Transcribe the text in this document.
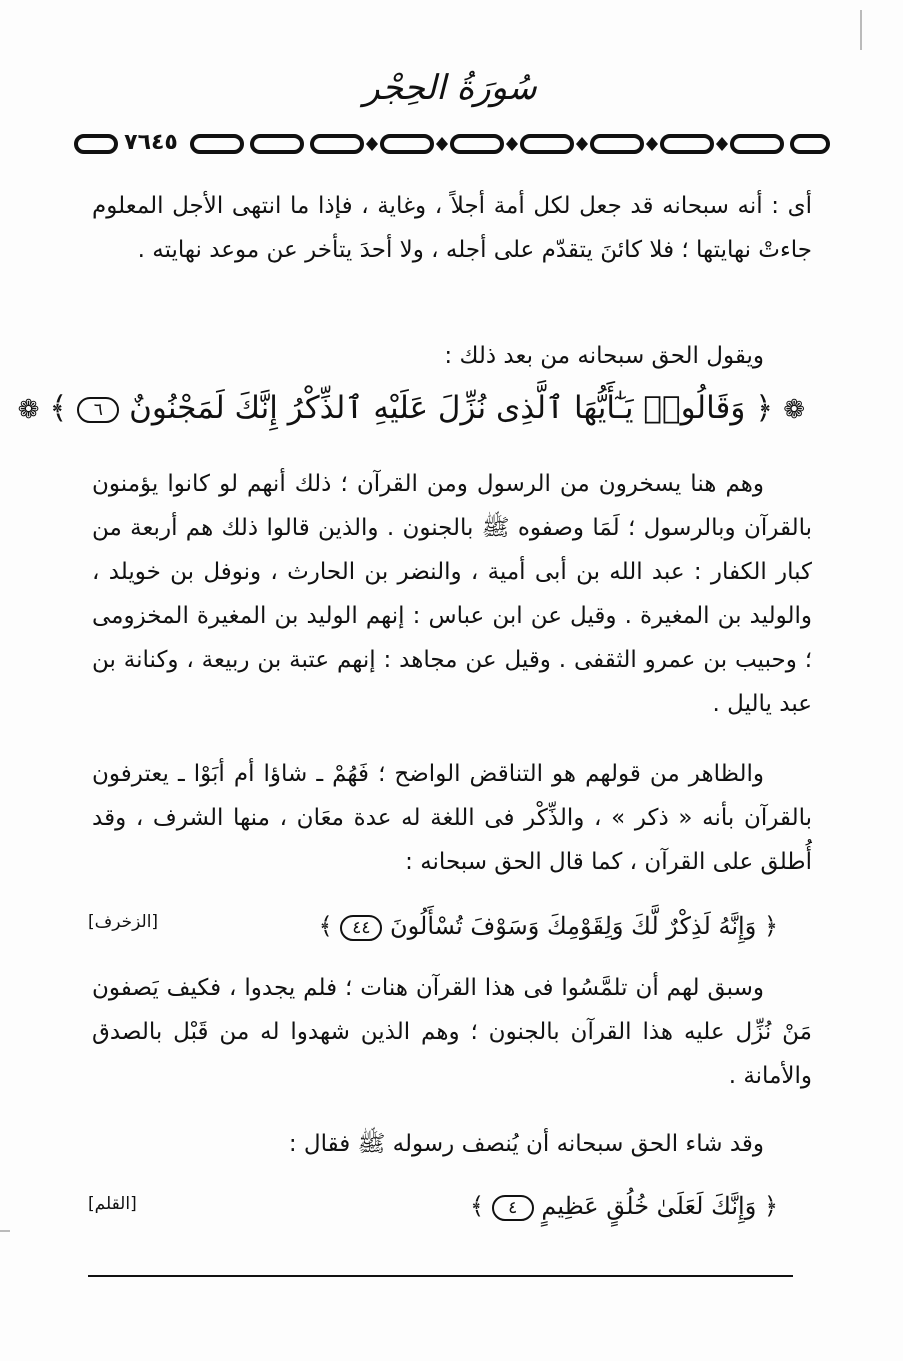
سُورَةُ الحِجْر
٧٦٤٥
أى : أنه سبحانه قد جعل لكل أمة أجلاً ، وغاية ، فإذا ما انتهى الأجل المعلوم جاءتْ نهايتها ؛ فلا كائنَ يتقدّم على أجله ، ولا أحدَ يتأخر عن موعد نهايته .
ويقول الحق سبحانه من بعد ذلك :
❁ ﴿ وَقَالُوا۟ يَـٰٓأَيُّهَا ٱلَّذِى نُزِّلَ عَلَيْهِ ٱلذِّكْرُ إِنَّكَ لَمَجْنُونٌ ٦ ﴾ ❁
وهم هنا يسخرون من الرسول ومن القرآن ؛ ذلك أنهم لو كانوا يؤمنون بالقرآن وبالرسول ؛ لَمَا وصفوه ﷺ بالجنون . والذين قالوا ذلك هم أربعة من كبار الكفار : عبد الله بن أبى أمية ، والنضر بن الحارث ، ونوفل بن خويلد ، والوليد بن المغيرة . وقيل عن ابن عباس : إنهم الوليد بن المغيرة المخزومى ؛ وحبيب بن عمرو الثقفى . وقيل عن مجاهد : إنهم عتبة بن ربيعة ، وكنانة بن عبد ياليل .
والظاهر من قولهم هو التناقض الواضح ؛ فَهُمْ ـ شاؤا أم أبَوْا ـ يعترفون بالقرآن بأنه « ذكر » ، والذِّكْر فى اللغة له عدة معَان ، منها الشرف ، وقد أُطلق على القرآن ، كما قال الحق سبحانه :
﴿ وَإِنَّهُ لَذِكْرٌ لَّكَ وَلِقَوْمِكَ وَسَوْفَ تُسْأَلُونَ ٤٤ ﴾
[الزخرف]
وسبق لهم أن تلمَّسُوا فى هذا القرآن هنات ؛ فلم يجدوا ، فكيف يَصفون مَنْ نُزِّل عليه هذا القرآن بالجنون ؛ وهم الذين شهدوا له من قَبْل بالصدق والأمانة .
وقد شاء الحق سبحانه أن يُنصف رسوله ﷺ فقال :
﴿ وَإِنَّكَ لَعَلَىٰ خُلُقٍ عَظِيمٍ ٤ ﴾
[القلم]
